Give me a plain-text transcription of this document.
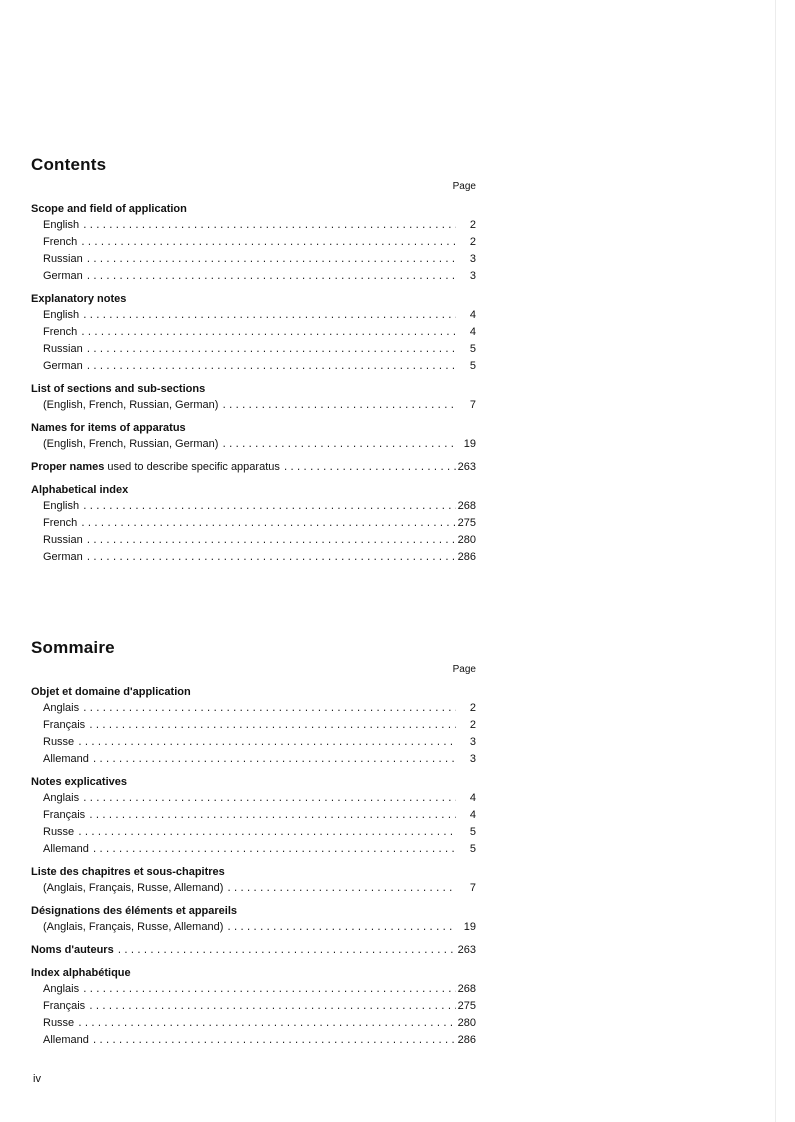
Contents
Page
Scope and field of application
English .....	2
French .....	2
Russian .....	3
German .....	3
Explanatory notes
English .....	4
French .....	4
Russian .....	5
German .....	5
List of sections and sub-sections
(English, French, Russian, German) .....	7
Names for items of apparatus
(English, French, Russian, German) .....	19
Proper names used to describe specific apparatus .....	263
Alphabetical index
English .....	268
French .....	275
Russian .....	280
German .....	286
Sommaire
Page
Objet et domaine d'application
Anglais .....	2
Français .....	2
Russe .....	3
Allemand .....	3
Notes explicatives
Anglais .....	4
Français .....	4
Russe .....	5
Allemand .....	5
Liste des chapitres et sous-chapitres
(Anglais, Français, Russe, Allemand) .....	7
Désignations des éléments et appareils
(Anglais, Français, Russe, Allemand) .....	19
Noms d'auteurs .....	263
Index alphabétique
Anglais .....	268
Français .....	275
Russe .....	280
Allemand .....	286
iv
